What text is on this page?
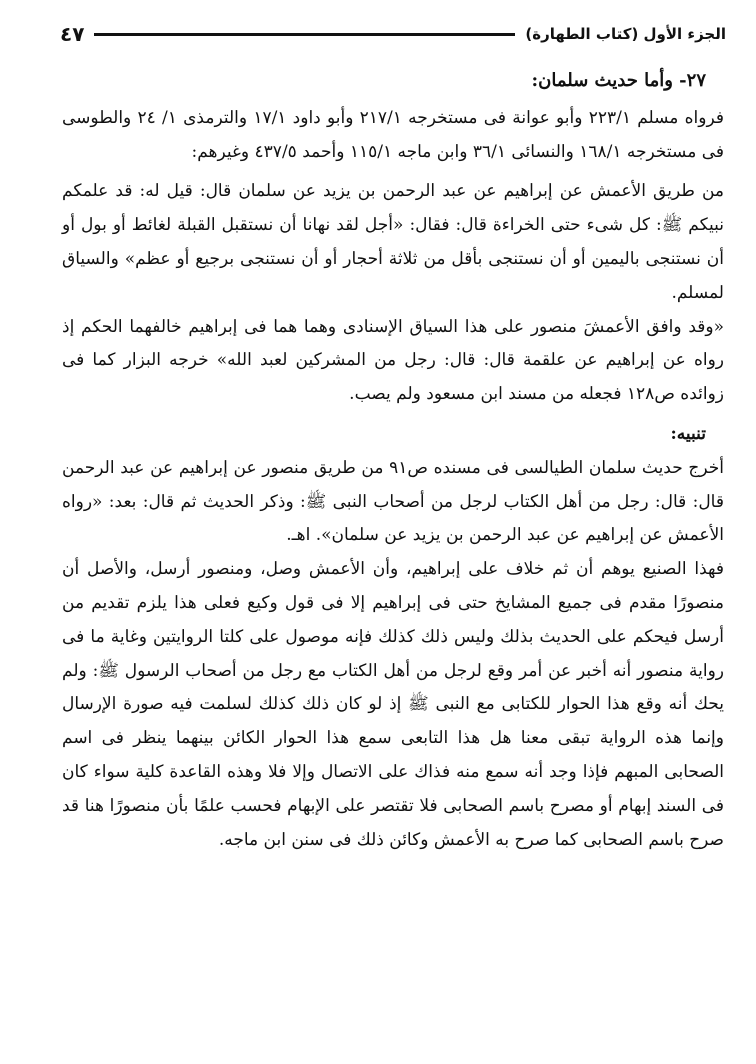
الجزء الأول (كتاب الطهارة)
٤٧

٢٧- وأما حديث سلمان:

فرواه مسلم ٢٢٣/١ وأبو عوانة فى مستخرجه ٢١٧/١ وأبو داود ١٧/١ والترمذى ١/ ٢٤ والطوسى فى مستخرجه ١٦٨/١ والنسائى ٣٦/١ وابن ماجه ١١٥/١ وأحمد ٤٣٧/٥ وغيرهم:

من طريق الأعمش عن إبراهيم عن عبد الرحمن بن يزيد عن سلمان قال: قيل له: قد علمكم نبيكم ﷺ: كل شىء حتى الخراءة قال: فقال: «أجل لقد نهانا أن نستقبل القبلة لغائط أو بول أو أن نستنجى باليمين أو أن نستنجى بأقل من ثلاثة أحجار أو أن نستنجى برجيع أو عظم» والسياق لمسلم.

«وقد وافق الأعمشَ منصور على هذا السياق الإسنادى وهما هما فى إبراهيم خالفهما الحكم إذ رواه عن إبراهيم عن علقمة قال: قال: رجل من المشركين لعبد الله» خرجه البزار كما فى زوائده ص١٢٨ فجعله من مسند ابن مسعود ولم يصب.

تنبيه:

أخرج حديث سلمان الطيالسى فى مسنده ص٩١ من طريق منصور عن إبراهيم عن عبد الرحمن قال: قال: رجل من أهل الكتاب لرجل من أصحاب النبى ﷺ: وذكر الحديث ثم قال: بعد: «رواه الأعمش عن إبراهيم عن عبد الرحمن بن يزيد عن سلمان». اهـ.

فهذا الصنيع يوهم أن ثم خلاف على إبراهيم، وأن الأعمش وصل، ومنصور أرسل، والأصل أن منصورًا مقدم فى جميع المشايخ حتى فى إبراهيم إلا فى قول وكيع فعلى هذا يلزم تقديم من أرسل فيحكم على الحديث بذلك وليس ذلك كذلك فإنه موصول على كلتا الروايتين وغاية ما فى رواية منصور أنه أخبر عن أمر وقع لرجل من أهل الكتاب مع رجل من أصحاب الرسول ﷺ: ولم يحك أنه وقع هذا الحوار للكتابى مع النبى ﷺ إذ لو كان ذلك كذلك لسلمت فيه صورة الإرسال وإنما هذه الرواية تبقى معنا هل هذا التابعى سمع هذا الحوار الكائن بينهما ينظر فى اسم الصحابى المبهم فإذا وجد أنه سمع منه فذاك على الاتصال وإلا فلا وهذه القاعدة كلية سواء كان فى السند إبهام أو مصرح باسم الصحابى فلا تقتصر على الإبهام فحسب علمًا بأن منصورًا هنا قد صرح باسم الصحابى كما صرح به الأعمش وكائن ذلك فى سنن ابن ماجه.
